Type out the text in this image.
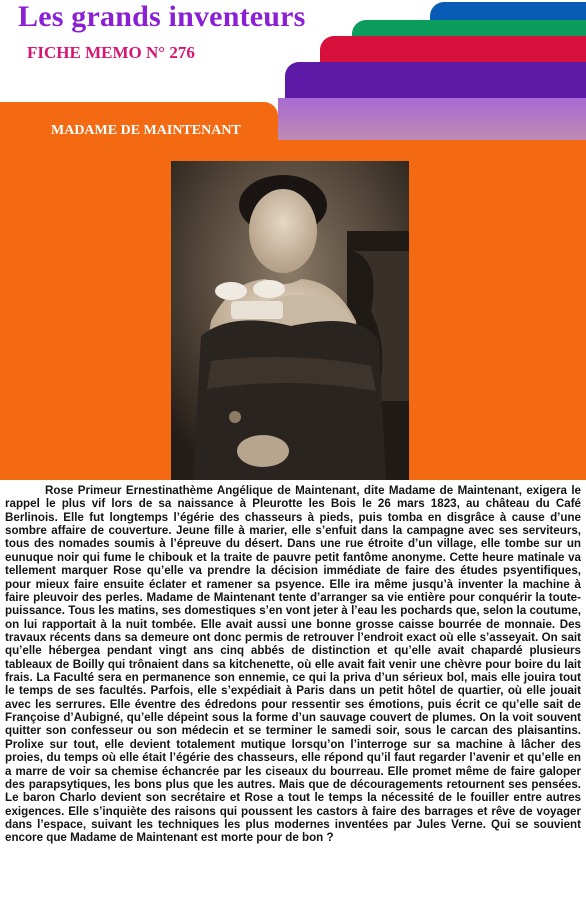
Les grands inventeurs
FICHE MEMO N° 276
MADAME DE MAINTENANT

Rose Primeur Ernestinathème Angélique de Maintenant, dite Madame de Maintenant, exigera le rappel le plus vif lors de sa naissance à Pleurotte les Bois le 26 mars 1823, au château du Café Berlinois. Elle fut longtemps l’égérie des chasseurs à pieds, puis tomba en disgrâce à cause d’une sombre affaire de couverture. Jeune fille à marier, elle s’enfuit dans la campagne avec ses serviteurs, tous des nomades soumis à l’épreuve du désert. Dans une rue étroite d’un village, elle tombe sur un eunuque noir qui fume le chibouk et la traite de pauvre petit fantôme anonyme. Cette heure matinale va tellement marquer Rose qu’elle va prendre la décision immédiate de faire des études psyentifiques, pour mieux faire ensuite éclater et ramener sa psyence. Elle ira même jusqu’à inventer la machine à faire pleuvoir des perles. Madame de Maintenant tente d’arranger sa vie entière pour conquérir la toute-puissance. Tous les matins, ses domestiques s’en vont jeter à l’eau les pochards que, selon la coutume, on lui rapportait à la nuit tombée. Elle avait aussi une bonne grosse caisse bourrée de monnaie. Des travaux récents dans sa demeure ont donc permis de retrouver l’endroit exact où elle s’asseyait. On sait qu’elle hébergea pendant vingt ans cinq abbés de distinction et qu’elle avait chapardé plusieurs tableaux de Boilly qui trônaient dans sa kitchenette, où elle avait fait venir une chèvre pour boire du lait frais. La Faculté sera en permanence son ennemie, ce qui la priva d’un sérieux bol, mais elle jouira tout le temps de ses facultés. Parfois, elle s’expédiait à Paris dans un petit hôtel de quartier, où elle jouait avec les serrures. Elle éventre des édredons pour ressentir ses émotions, puis écrit ce qu’elle sait de Françoise d’Aubigné, qu’elle dépeint sous la forme d’un sauvage couvert de plumes. On la voit souvent quitter son confesseur ou son médecin et se terminer le samedi soir, sous le carcan des plaisantins. Prolixe sur tout, elle devient totalement mutique lorsqu’on l’interroge sur sa machine à lâcher des proies, du temps où elle était l’égérie des chasseurs, elle répond qu’il faut regarder l’avenir et qu’elle en a marre de voir sa chemise échancrée par les ciseaux du bourreau. Elle promet même de faire galoper des parapsytiques, les bons plus que les autres. Mais que de découragements retournent ses pensées. Le baron Charlo devient son secrétaire et Rose a tout le temps la nécessité de le fouiller entre autres exigences. Elle s’inquiète des raisons qui poussent les castors à faire des barrages et rêve de voyager dans l’espace, suivant les techniques les plus modernes inventées par Jules Verne. Qui se souvient encore que Madame de Maintenant est morte pour de bon ?
